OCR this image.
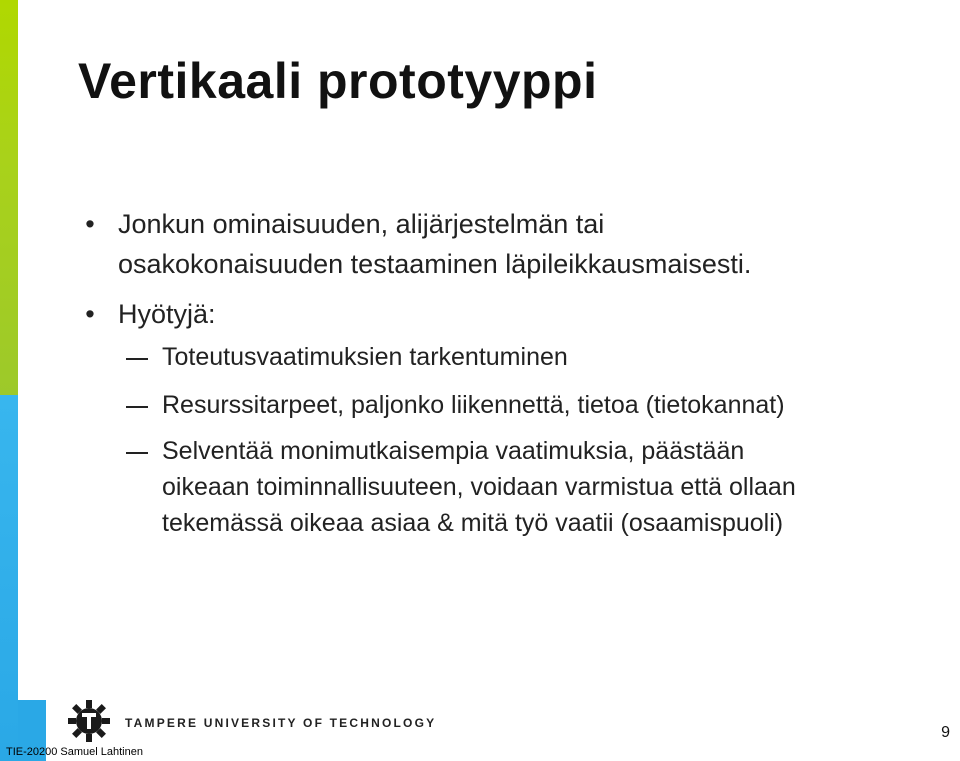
Vertikaali prototyyppi
• Jonkun ominaisuuden, alijärjestelmän tai
osakokonaisuuden testaaminen läpileikkausmaisesti.
• Hyötyjä:
Toteutusvaatimuksien tarkentuminen
Resurssitarpeet, paljonko liikennettä, tietoa (tietokannat)
Selventää monimutkaisempia vaatimuksia, päästään
oikeaan toiminnallisuuteen, voidaan varmistua että ollaan
tekemässä oikeaa asiaa & mitä työ vaatii (osaamispuoli)
TAMPERE UNIVERSITY OF TECHNOLOGY
TIE-20200 Samuel Lahtinen
9
